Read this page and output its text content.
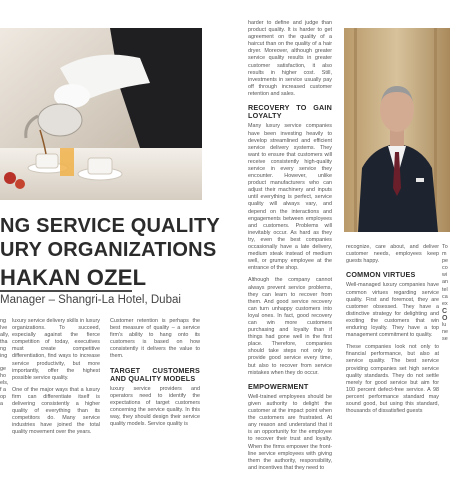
NG SERVICE QUALITY
URY ORGANIZATIONS
HAKAN OZEL
Manager – Shangri-La Hotel, Dubai
ng
Ive
ally,
tha
ng
ing
ge
ho
els,
f a
op
a

luxury service delivery skills in luxury organizations. To succeed, especially against the fierce competition of today, executives must create competitive differentiation, find ways to increase service productivity, but more importantly, offer the highest possible service quality.

One of the major ways that a luxury firm can differentiate itself is delivering consistently a higher quality of everything than its competitors do. Many service industries have joined the total quality movement over the years.

Customer retention is perhaps the best measure of quality – a service firm's ability to hang onto its customers is based on how consistently it delivers the value to them.

TARGET CUSTOMERS AND QUALITY MODELS

luxury service providers and operators need to identify the expectations of target customers concerning the service quality. In this way, they should design their service quality models. Service quality is

harder to define and judge than product quality. It is harder to get agreement on the quality of a haircut than on the quality of a hair dryer. Moreover, although greater service quality results in greater customer satisfaction, it also results in higher cost. Still, investments in service usually pay off through increased customer retention and sales.

RECOVERY TO GAIN LOYALTY

Many luxury service companies have been investing heavily to develop streamlined and efficient service delivery systems. They want to ensure that customers will receive consistently high-quality service in every service they encounter. However, unlike product manufacturers who can adjust their machinery and inputs until everything is perfect, service quality will always vary, and depend on the interactions and engagements between employees and customers. Problems will inevitably occur. As hard as they try, even the best companies occasionally have a late delivery, medium steak instead of medium well, or grumpy employee at the entrance of the shop.

Although the company cannot always prevent service problems, they can learn to recover from them. And good service recovery can turn unhappy customers into loyal ones. In fact, good recovery can win more customers purchasing and loyalty than if things had gone well in the first place. Therefore, companies should take steps not only to provide good service every time, but also to recover from service mistakes when they do occur.

EMPOWERMENT

Well-trained employees should be given authority to delight the customer at the impact point when the customers are frustrated. At any reason and understand that it is an opportunity for the employee to recover their trust and loyalty. When the firms empower the front-line service employees with giving them the authority, responsibility, and incentives that they need to

recognize, care about, and deliver customer needs, employees keep guests happy.

COMMON VIRTUES

Well-managed luxury companies have common virtues regarding service quality. First and foremost, they are customer obsessed. They have a distinctive strategy for delighting and exciting the customers that win enduring loyalty. They have a top management commitment to quality.

These companies look not only to financial performance, but also at service quality. The best service providing companies set high service quality standards. They do not settle merely for good service but aim for 100 percent defect-free service. A 98 percent performance standard may sound good, but using this standard, thousands of dissatisfied guests

To
m
pe
co
wi
an
tel
ca
ex
C
O
lu
ne
se
